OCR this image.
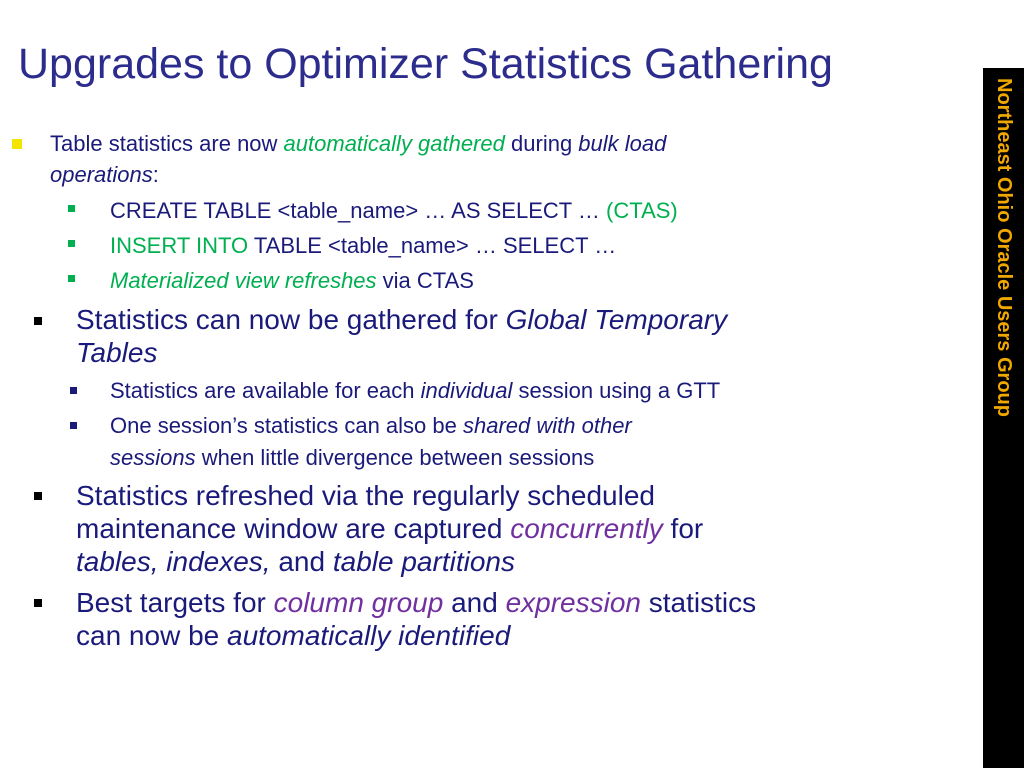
Upgrades to Optimizer Statistics Gathering
Northeast Ohio Oracle Users Group
Table statistics are now automatically gathered during bulk load
operations:
CREATE TABLE <table_name> … AS SELECT … (CTAS)
INSERT INTO TABLE <table_name> … SELECT …
Materialized view refreshes via CTAS
Statistics can now be gathered for Global Temporary
Tables
Statistics are available for each individual session using a GTT
One session’s statistics can also be shared with other
sessions when little divergence between sessions
Statistics refreshed via the regularly scheduled
maintenance window are captured concurrently for
tables, indexes, and table partitions
Best targets for column group and expression statistics
can now be automatically identified
